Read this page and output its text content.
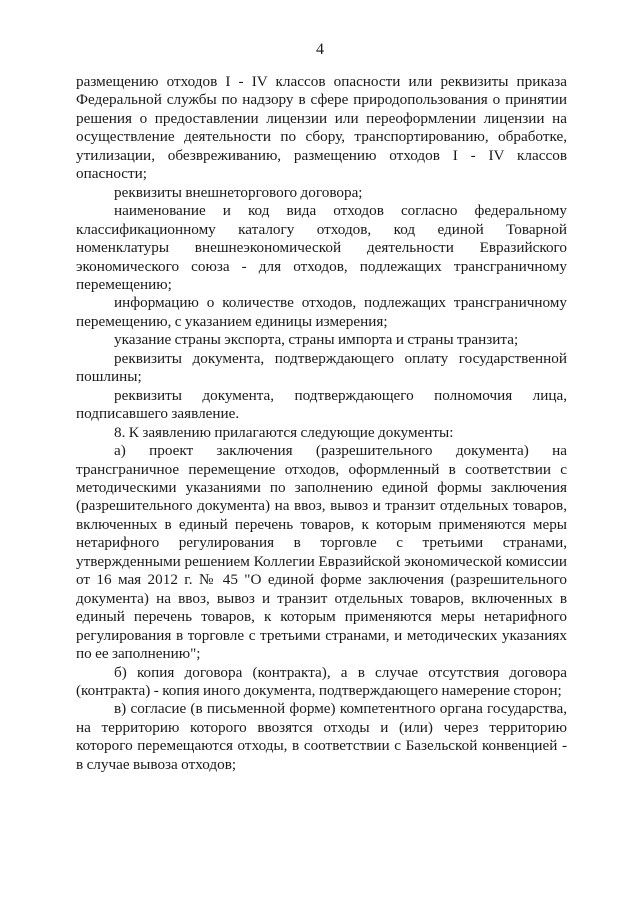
4

размещению отходов I - IV классов опасности или реквизиты приказа Федеральной службы по надзору в сфере природопользования о принятии решения о предоставлении лицензии или переоформлении лицензии на осуществление деятельности по сбору, транспортированию, обработке, утилизации, обезвреживанию, размещению отходов I - IV классов опасности;

реквизиты внешнеторгового договора;

наименование и код вида отходов согласно федеральному классификационному каталогу отходов, код единой Товарной номенклатуры внешнеэкономической деятельности Евразийского экономического союза - для отходов, подлежащих трансграничному перемещению;

информацию о количестве отходов, подлежащих трансграничному перемещению, с указанием единицы измерения;

указание страны экспорта, страны импорта и страны транзита;

реквизиты документа, подтверждающего оплату государственной пошлины;

реквизиты документа, подтверждающего полномочия лица, подписавшего заявление.

8. К заявлению прилагаются следующие документы:

а) проект заключения (разрешительного документа) на трансграничное перемещение отходов, оформленный в соответствии с методическими указаниями по заполнению единой формы заключения (разрешительного документа) на ввоз, вывоз и транзит отдельных товаров, включенных в единый перечень товаров, к которым применяются меры нетарифного регулирования в торговле с третьими странами, утвержденными решением Коллегии Евразийской экономической комиссии от 16 мая 2012 г. № 45 "О единой форме заключения (разрешительного документа) на ввоз, вывоз и транзит отдельных товаров, включенных в единый перечень товаров, к которым применяются меры нетарифного регулирования в торговле с третьими странами, и методических указаниях по ее заполнению";

б) копия договора (контракта), а в случае отсутствия договора (контракта) - копия иного документа, подтверждающего намерение сторон;

в) согласие (в письменной форме) компетентного органа государства, на территорию которого ввозятся отходы и (или) через территорию которого перемещаются отходы, в соответствии с Базельской конвенцией - в случае вывоза отходов;
